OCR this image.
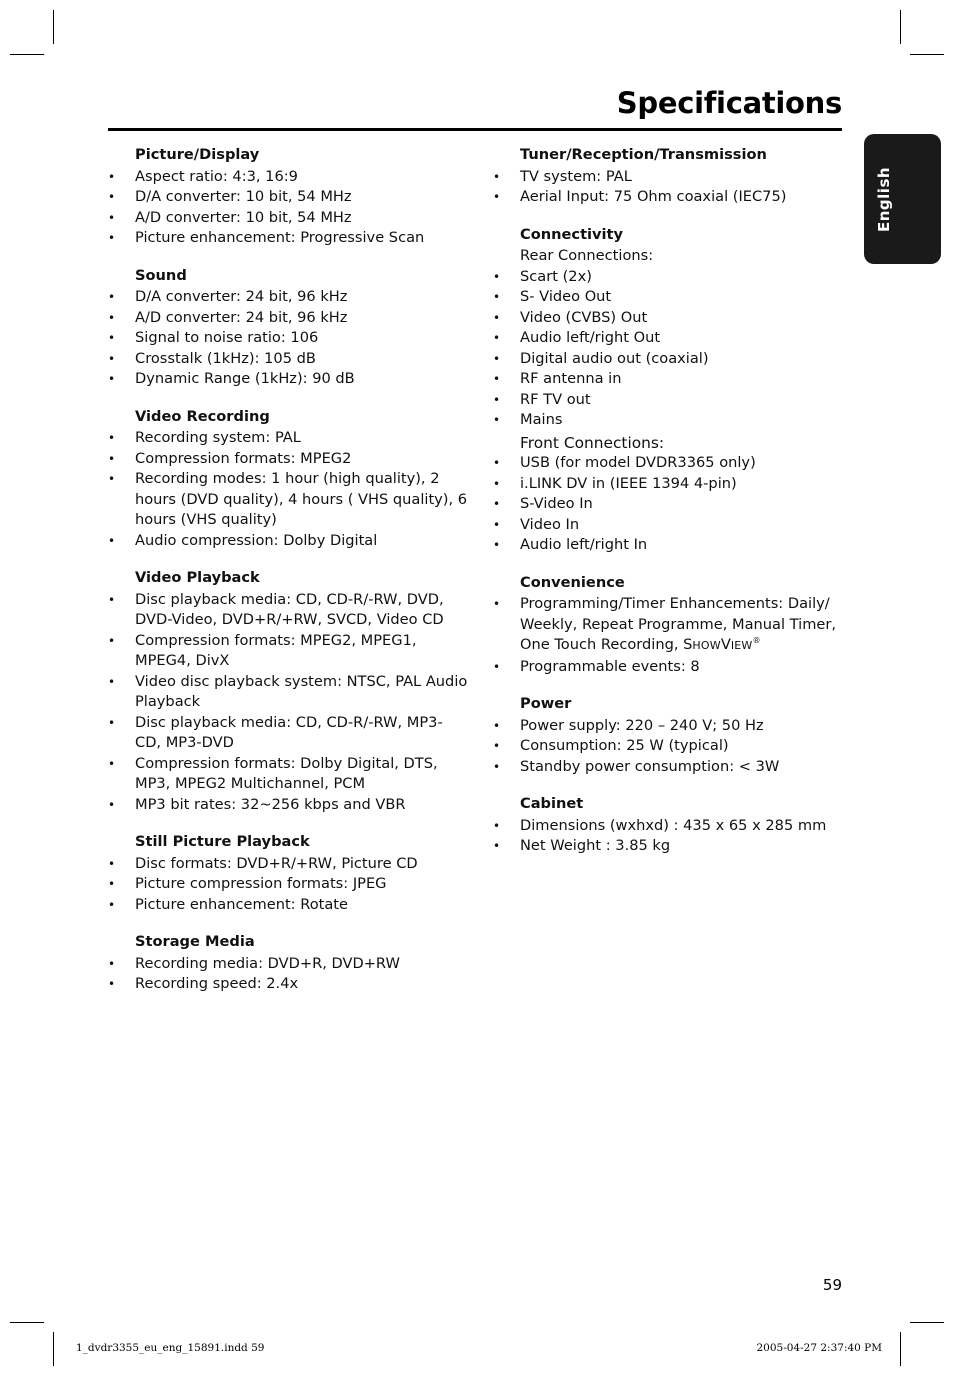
Specifications
English
Picture/Display
• Aspect ratio: 4:3, 16:9
• D/A converter: 10 bit, 54 MHz
• A/D converter: 10 bit, 54 MHz
• Picture enhancement: Progressive Scan
Sound
• D/A converter: 24 bit, 96 kHz
• A/D converter: 24 bit, 96 kHz
• Signal to noise ratio: 106
• Crosstalk (1kHz): 105 dB
• Dynamic Range (1kHz): 90 dB
Video Recording
• Recording system: PAL
• Compression formats: MPEG2
• Recording modes: 1 hour (high quality), 2 hours (DVD quality), 4 hours ( VHS quality), 6 hours (VHS quality)
• Audio compression: Dolby Digital
Video Playback
• Disc playback media: CD, CD-R/-RW, DVD, DVD-Video, DVD+R/+RW, SVCD, Video CD
• Compression formats: MPEG2, MPEG1, MPEG4, DivX
• Video disc playback system: NTSC, PAL Audio Playback
• Disc playback media: CD, CD-R/-RW, MP3-CD, MP3-DVD
• Compression formats: Dolby Digital, DTS, MP3, MPEG2 Multichannel, PCM
• MP3 bit rates: 32~256 kbps and VBR
Still Picture Playback
• Disc formats: DVD+R/+RW, Picture CD
• Picture compression formats: JPEG
• Picture enhancement: Rotate
Storage Media
• Recording media: DVD+R, DVD+RW
• Recording speed: 2.4x
Tuner/Reception/Transmission
• TV system: PAL
• Aerial Input: 75 Ohm coaxial (IEC75)
Connectivity
Rear Connections:
• Scart (2x)
• S- Video Out
• Video (CVBS) Out
• Audio left/right Out
• Digital audio out (coaxial)
• RF antenna in
• RF TV out
• Mains
Front Connections:
• USB (for model DVDR3365 only)
• i.LINK DV in (IEEE 1394 4-pin)
• S-Video In
• Video In
• Audio left/right In
Convenience
• Programming/Timer Enhancements: Daily/ Weekly, Repeat Programme, Manual Timer, One Touch Recording, SHOWVIEW®
• Programmable events: 8
Power
• Power supply: 220 – 240 V; 50 Hz
• Consumption: 25 W (typical)
• Standby power consumption: < 3W
Cabinet
• Dimensions (wxhxd) : 435 x 65 x 285 mm
• Net Weight : 3.85 kg
59
1_dvdr3355_eu_eng_15891.indd 59	2005-04-27 2:37:40 PM
